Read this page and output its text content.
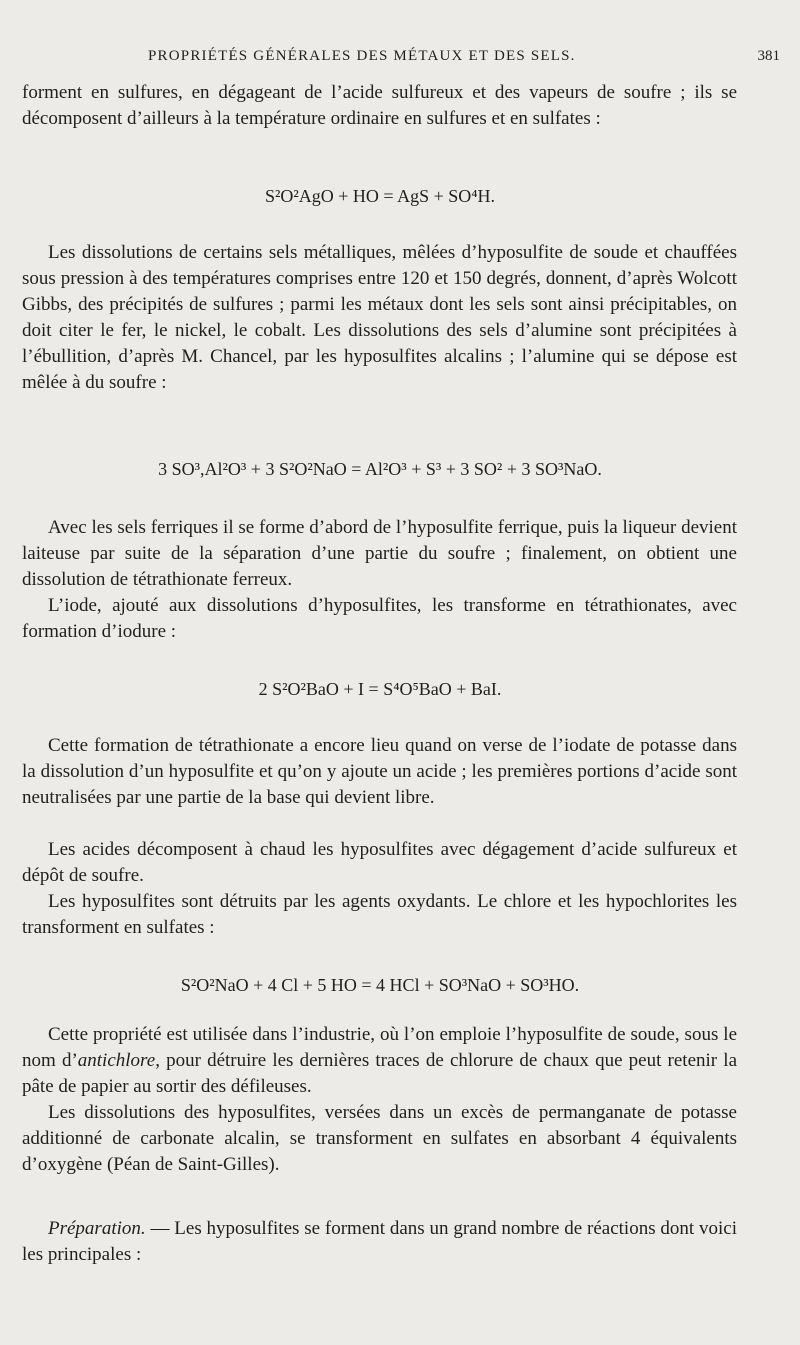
PROPRIÉTÉS GÉNÉRALES DES MÉTAUX ET DES SELS.	381
forment en sulfures, en dégageant de l’acide sulfureux et des vapeurs de soufre ; ils se décomposent d’ailleurs à la température ordinaire en sulfures et en sulfates :
S²O²AgO + HO = AgS + SO⁴H.
Les dissolutions de certains sels métalliques, mêlées d’hyposulfite de soude et chauffées sous pression à des températures comprises entre 120 et 150 degrés, donnent, d’après Wolcott Gibbs, des précipités de sulfures ; parmi les métaux dont les sels sont ainsi précipitables, on doit citer le fer, le nickel, le cobalt. Les dissolutions des sels d’alumine sont précipitées à l’ébullition, d’après M. Chancel, par les hyposulfites alcalins ; l’alumine qui se dépose est mêlée à du soufre :
3 SO³,Al²O³ + 3 S²O²NaO = Al²O³ + S³ + 3 SO² + 3 SO³NaO.
Avec les sels ferriques il se forme d’abord de l’hyposulfite ferrique, puis la liqueur devient laiteuse par suite de la séparation d’une partie du soufre ; finalement, on obtient une dissolution de tétrathionate ferreux.
L’iode, ajouté aux dissolutions d’hyposulfites, les transforme en tétrathionates, avec formation d’iodure :
2 S²O²BaO + I = S⁴O⁵BaO + BaI.
Cette formation de tétrathionate a encore lieu quand on verse de l’iodate de potasse dans la dissolution d’un hyposulfite et qu’on y ajoute un acide ; les premières portions d’acide sont neutralisées par une partie de la base qui devient libre.
Les acides décomposent à chaud les hyposulfites avec dégagement d’acide sulfureux et dépôt de soufre.
Les hyposulfites sont détruits par les agents oxydants. Le chlore et les hypochlorites les transforment en sulfates :
S²O²NaO + 4 Cl + 5 HO = 4 HCl + SO³NaO + SO³HO.
Cette propriété est utilisée dans l’industrie, où l’on emploie l’hyposulfite de soude, sous le nom d’antichlore, pour détruire les dernières traces de chlorure de chaux que peut retenir la pâte de papier au sortir des défileuses.
Les dissolutions des hyposulfites, versées dans un excès de permanganate de potasse additionné de carbonate alcalin, se transforment en sulfates en absorbant 4 équivalents d’oxygène (Péan de Saint-Gilles).
Préparation. — Les hyposulfites se forment dans un grand nombre de réactions dont voici les principales :
